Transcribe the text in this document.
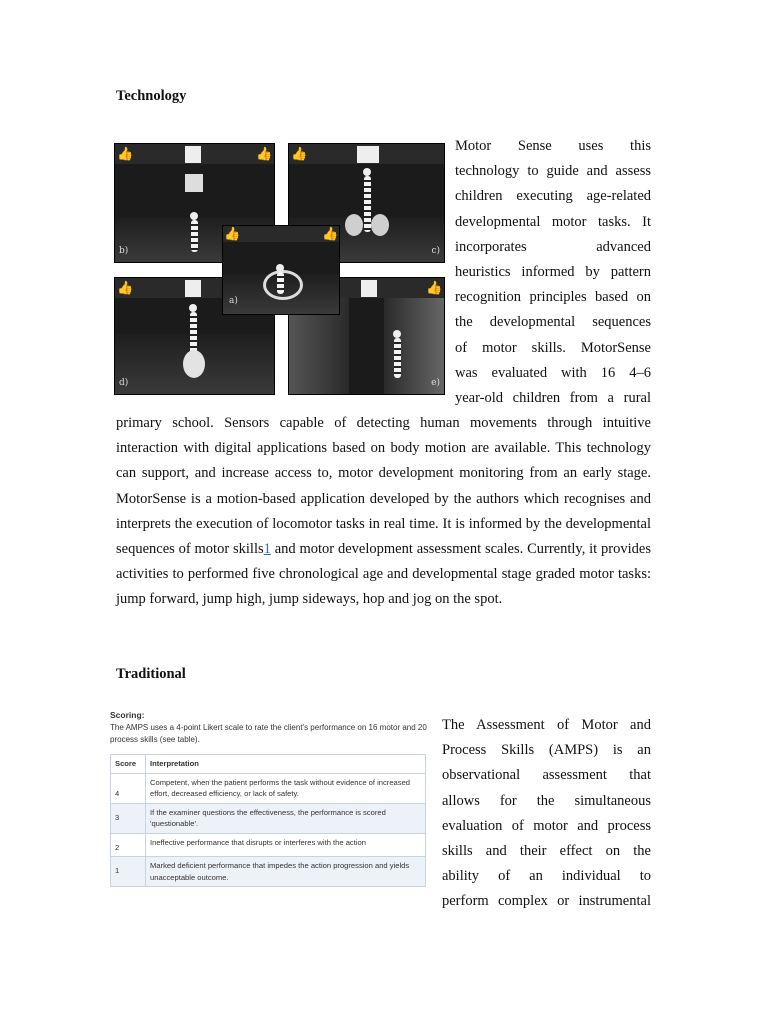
Technology
👍	👍
b)
👍
c)
👍
d)
👍
e)
👍	👍
a)
Motor Sense uses this
technology to guide and assess
children executing age-related
developmental motor tasks. It
incorporates advanced
heuristics informed by pattern
recognition principles based on
the developmental sequences
of motor skills. MotorSense
was evaluated with 16 4–6
year-old children from a rural
primary school. Sensors capable of detecting human movements through intuitive interaction with digital applications based on body motion are available. This technology can support, and increase access to, motor development monitoring from an early stage. MotorSense is a motion-based application developed by the authors which recognises and interprets the execution of locomotor tasks in real time. It is informed by the developmental sequences of motor skills1 and motor development assessment scales. Currently, it provides activities to performed five chronological age and developmental stage graded motor tasks: jump forward, jump high, jump sideways, hop and jog on the spot.
Traditional
Scoring:
The AMPS uses a 4-point Likert scale to rate the client's performance on 16 motor and 20 process skills (see table).
Score	Interpretation
4	Competent, when the patient performs the task without evidence of increased effort, decreased efficiency, or lack of safety.
3	If the examiner questions the effectiveness, the performance is scored 'questionable'.
2	Ineffective performance that disrupts or interferes with the action
1	Marked deficient performance that impedes the action progression and yields unacceptable outcome.
The Assessment of Motor and
Process Skills (AMPS) is an
observational assessment that
allows for the simultaneous
evaluation of motor and process
skills and their effect on the
ability of an individual to
perform complex or instrumental
